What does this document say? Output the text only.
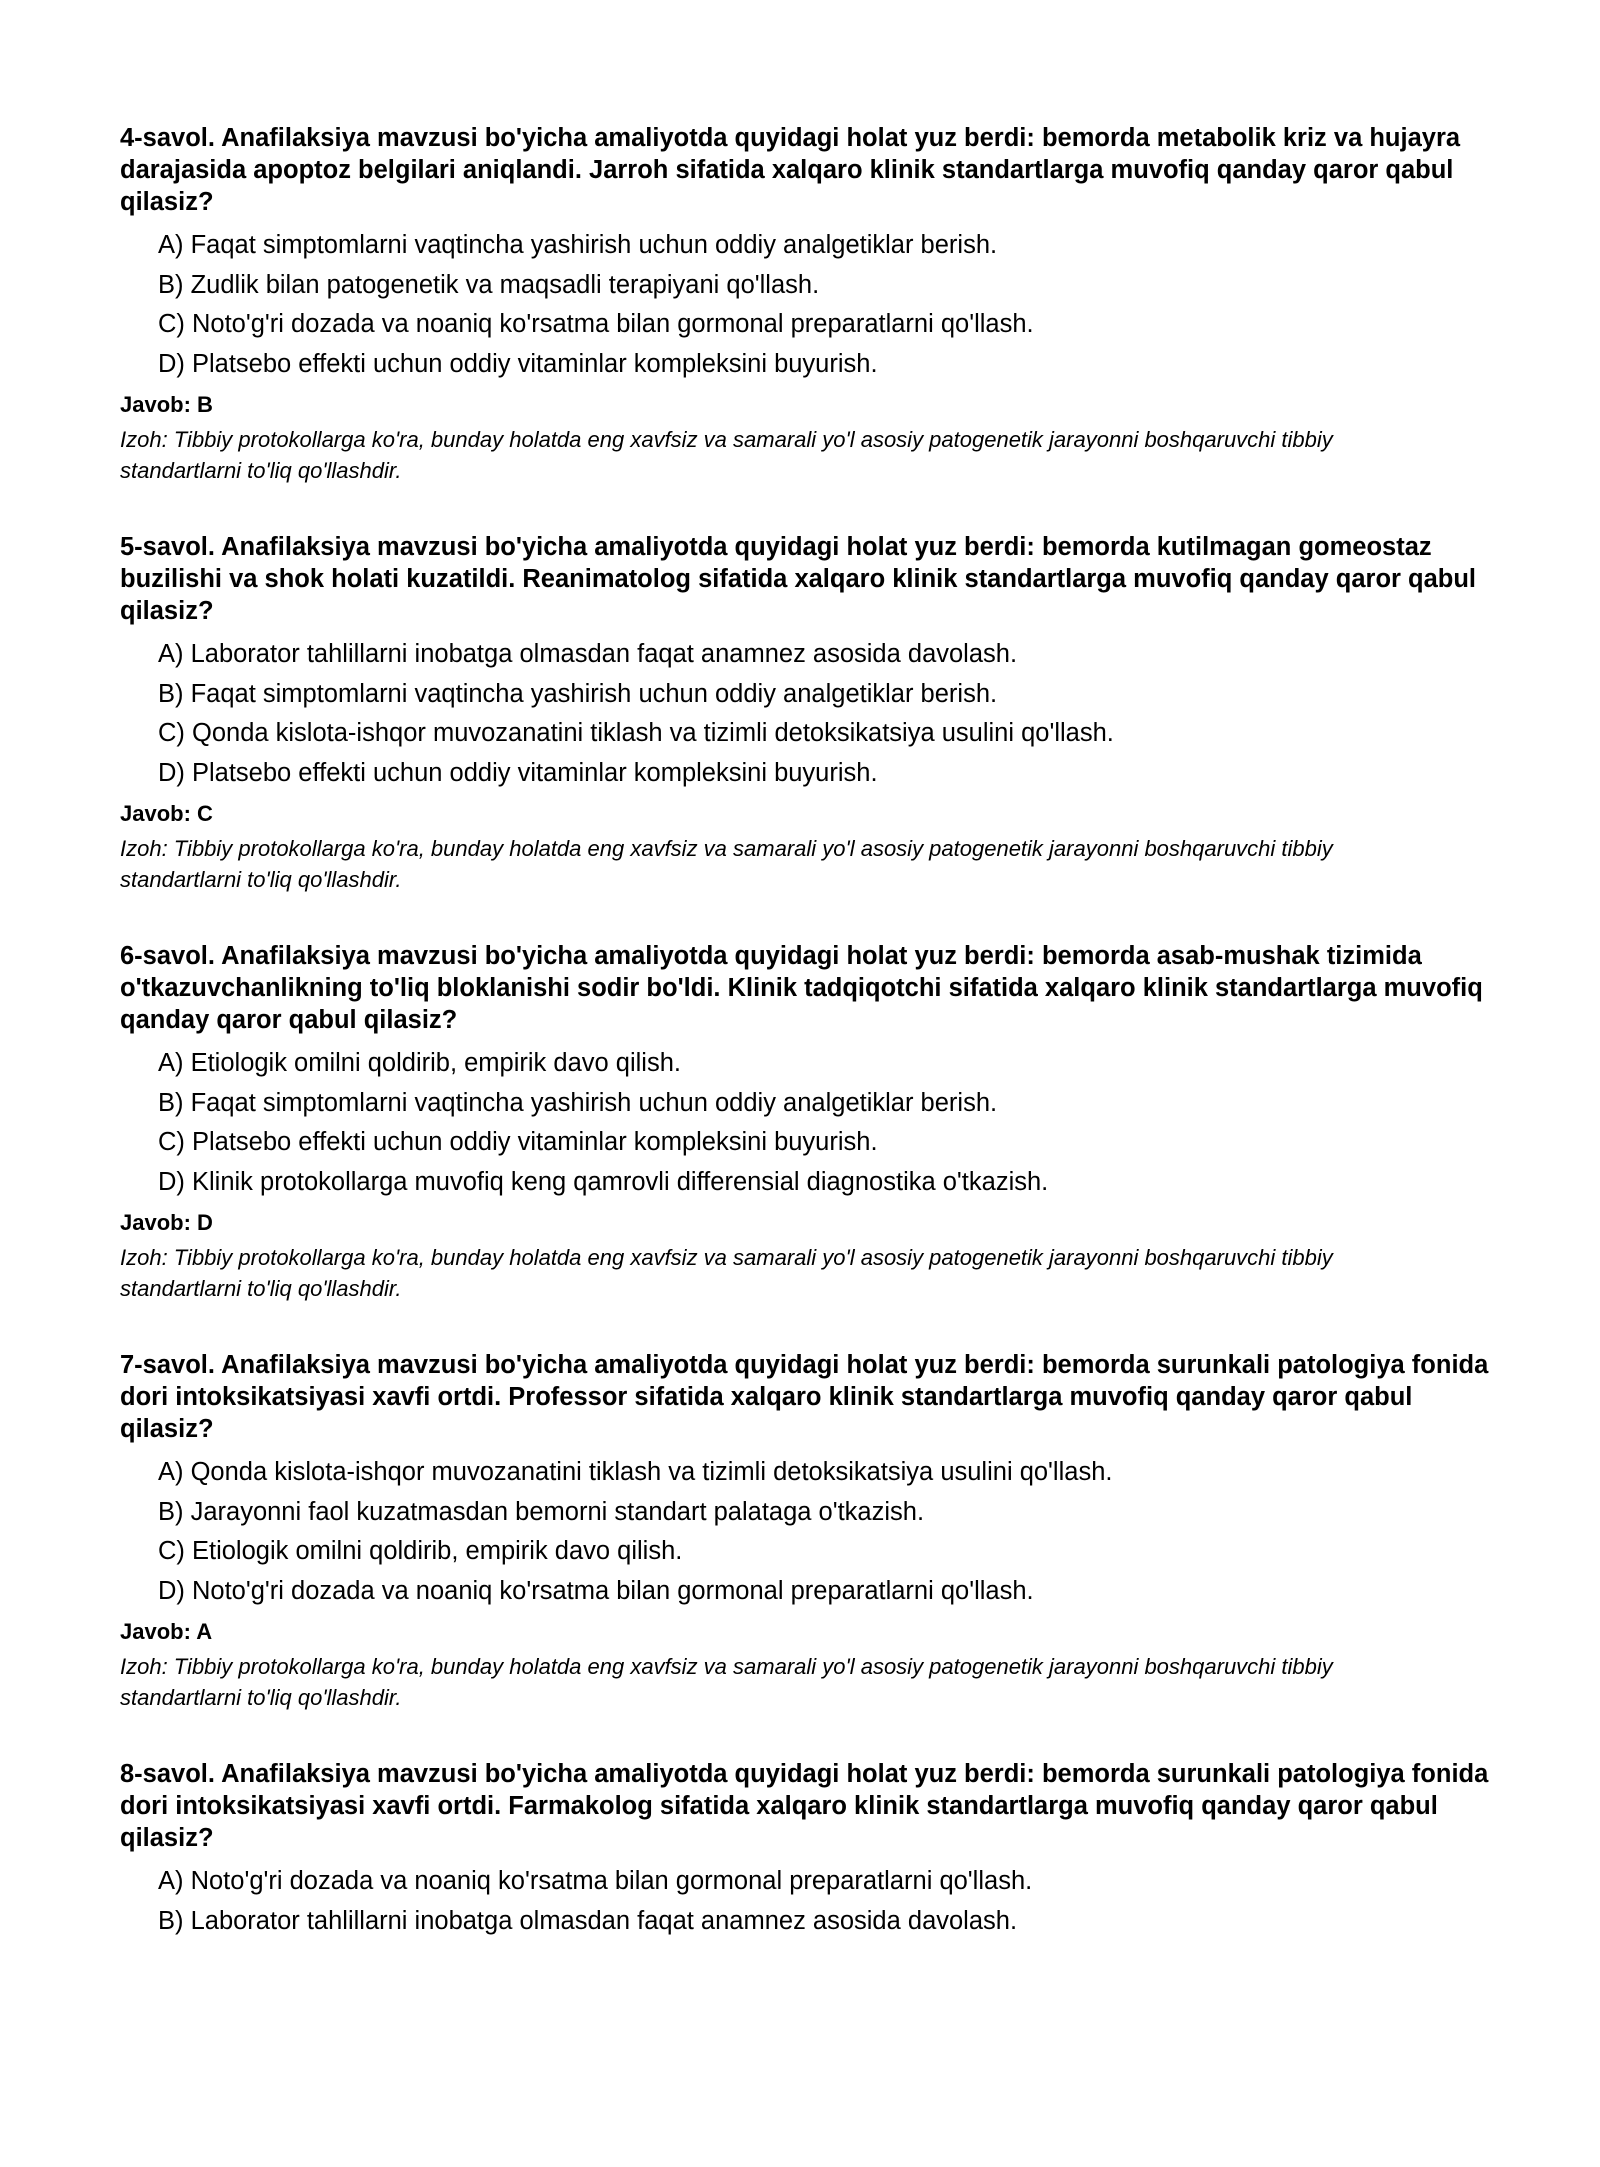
4-savol. Anafilaksiya mavzusi bo'yicha amaliyotda quyidagi holat yuz berdi: bemorda metabolik kriz va hujayra darajasida apoptoz belgilari aniqlandi. Jarroh sifatida xalqaro klinik standartlarga muvofiq qanday qaror qabul qilasiz?

A) Faqat simptomlarni vaqtincha yashirish uchun oddiy analgetiklar berish.
B) Zudlik bilan patogenetik va maqsadli terapiyani qo'llash.
C) Noto'g'ri dozada va noaniq ko'rsatma bilan gormonal preparatlarni qo'llash.
D) Platsebo effekti uchun oddiy vitaminlar kompleksini buyurish.
Javob: B
Izoh: Tibbiy protokollarga ko'ra, bunday holatda eng xavfsiz va samarali yo'l asosiy patogenetik jarayonni boshqaruvchi tibbiy standartlarni to'liq qo'llashdir.

5-savol. Anafilaksiya mavzusi bo'yicha amaliyotda quyidagi holat yuz berdi: bemorda kutilmagan gomeostaz buzilishi va shok holati kuzatildi. Reanimatolog sifatida xalqaro klinik standartlarga muvofiq qanday qaror qabul qilasiz?

A) Laborator tahlillarni inobatga olmasdan faqat anamnez asosida davolash.
B) Faqat simptomlarni vaqtincha yashirish uchun oddiy analgetiklar berish.
C) Qonda kislota-ishqor muvozanatini tiklash va tizimli detoksikatsiya usulini qo'llash.
D) Platsebo effekti uchun oddiy vitaminlar kompleksini buyurish.
Javob: C
Izoh: Tibbiy protokollarga ko'ra, bunday holatda eng xavfsiz va samarali yo'l asosiy patogenetik jarayonni boshqaruvchi tibbiy standartlarni to'liq qo'llashdir.

6-savol. Anafilaksiya mavzusi bo'yicha amaliyotda quyidagi holat yuz berdi: bemorda asab-mushak tizimida o'tkazuvchanlikning to'liq bloklanishi sodir bo'ldi. Klinik tadqiqotchi sifatida xalqaro klinik standartlarga muvofiq qanday qaror qabul qilasiz?

A) Etiologik omilni qoldirib, empirik davo qilish.
B) Faqat simptomlarni vaqtincha yashirish uchun oddiy analgetiklar berish.
C) Platsebo effekti uchun oddiy vitaminlar kompleksini buyurish.
D) Klinik protokollarga muvofiq keng qamrovli differensial diagnostika o'tkazish.
Javob: D
Izoh: Tibbiy protokollarga ko'ra, bunday holatda eng xavfsiz va samarali yo'l asosiy patogenetik jarayonni boshqaruvchi tibbiy standartlarni to'liq qo'llashdir.

7-savol. Anafilaksiya mavzusi bo'yicha amaliyotda quyidagi holat yuz berdi: bemorda surunkali patologiya fonida dori intoksikatsiyasi xavfi ortdi. Professor sifatida xalqaro klinik standartlarga muvofiq qanday qaror qabul qilasiz?

A) Qonda kislota-ishqor muvozanatini tiklash va tizimli detoksikatsiya usulini qo'llash.
B) Jarayonni faol kuzatmasdan bemorni standart palataga o'tkazish.
C) Etiologik omilni qoldirib, empirik davo qilish.
D) Noto'g'ri dozada va noaniq ko'rsatma bilan gormonal preparatlarni qo'llash.
Javob: A
Izoh: Tibbiy protokollarga ko'ra, bunday holatda eng xavfsiz va samarali yo'l asosiy patogenetik jarayonni boshqaruvchi tibbiy standartlarni to'liq qo'llashdir.

8-savol. Anafilaksiya mavzusi bo'yicha amaliyotda quyidagi holat yuz berdi: bemorda surunkali patologiya fonida dori intoksikatsiyasi xavfi ortdi. Farmakolog sifatida xalqaro klinik standartlarga muvofiq qanday qaror qabul qilasiz?

A) Noto'g'ri dozada va noaniq ko'rsatma bilan gormonal preparatlarni qo'llash.
B) Laborator tahlillarni inobatga olmasdan faqat anamnez asosida davolash.
